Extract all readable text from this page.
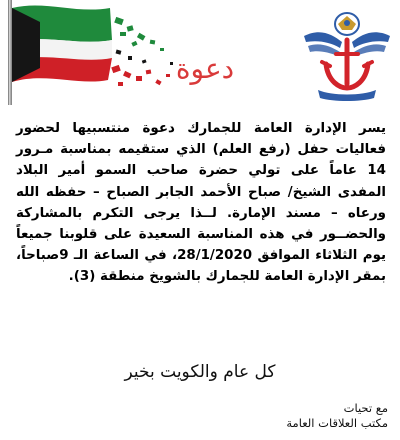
دعوة
يسر الإدارة العامة للجمارك دعوة منتسبيها لحضور فعاليات حفل (رفع العلم) الذي ستقيمه بمناسبة مـرور 14 عاماً على تولي حضرة صاحب السمو أمير البلاد المفدى الشيخ/ صباح الأحمد الجابر الصباح – حفظه الله ورعاه – مسند الإمارة. لــذا يرجى التكرم بالمشاركة والحضــور في هذه المناسبة السعيدة على قلوبنا جميعاً يوم الثلاثاء الموافق 28/1/2020، في الساعة الـ 9صباحاً، بمقر الإدارة العامة للجمارك بالشويخ منطقة (3).
كل عام والكويت بخير
مع تحيات
مكتب العلاقات العامة
